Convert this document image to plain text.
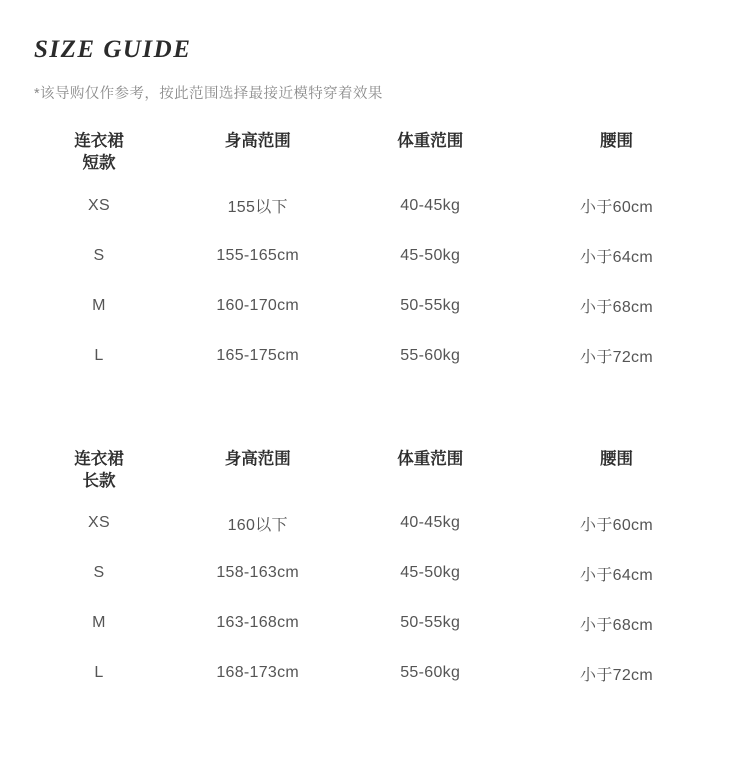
SIZE GUIDE
*该导购仅作参考，按此范围选择最接近模特穿着效果
连衣裙
短款	身高范围	体重范围	腰围
XS	155以下	40-45kg	小于60cm
S	155-165cm	45-50kg	小于64cm
M	160-170cm	50-55kg	小于68cm
L	165-175cm	55-60kg	小于72cm
连衣裙
长款	身高范围	体重范围	腰围
XS	160以下	40-45kg	小于60cm
S	158-163cm	45-50kg	小于64cm
M	163-168cm	50-55kg	小于68cm
L	168-173cm	55-60kg	小于72cm
